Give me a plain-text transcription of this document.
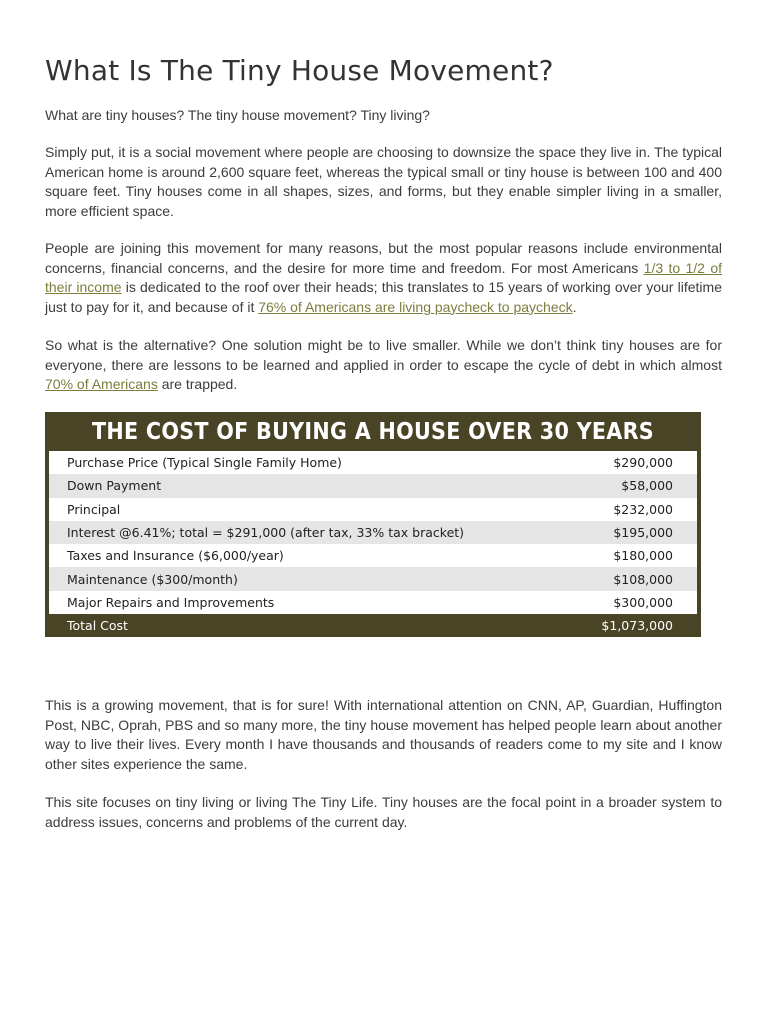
What Is The Tiny House Movement?

What are tiny houses? The tiny house movement? Tiny living?

Simply put, it is a social movement where people are choosing to downsize the space they live in. The typical American home is around 2,600 square feet, whereas the typical small or tiny house is between 100 and 400 square feet. Tiny houses come in all shapes, sizes, and forms, but they enable simpler living in a smaller, more efficient space.

People are joining this movement for many reasons, but the most popular reasons include environmental concerns, financial concerns, and the desire for more time and freedom. For most Americans 1/3 to 1/2 of their income is dedicated to the roof over their heads; this translates to 15 years of working over your lifetime just to pay for it, and because of it 76% of Americans are living paycheck to paycheck.

So what is the alternative? One solution might be to live smaller. While we don’t think tiny houses are for everyone, there are lessons to be learned and applied in order to escape the cycle of debt in which almost 70% of Americans are trapped.

THE COST OF BUYING A HOUSE OVER 30 YEARS
Purchase Price (Typical Single Family Home)	$290,000
Down Payment	$58,000
Principal	$232,000
Interest @6.41%; total = $291,000 (after tax, 33% tax bracket)	$195,000
Taxes and Insurance ($6,000/year)	$180,000
Maintenance ($300/month)	$108,000
Major Repairs and Improvements	$300,000
Total Cost	$1,073,000

This is a growing movement, that is for sure! With international attention on CNN, AP, Guardian, Huffington Post, NBC, Oprah, PBS and so many more, the tiny house movement has helped people learn about another way to live their lives. Every month I have thousands and thousands of readers come to my site and I know other sites experience the same.

This site focuses on tiny living or living The Tiny Life. Tiny houses are the focal point in a broader system to address issues, concerns and problems of the current day.
